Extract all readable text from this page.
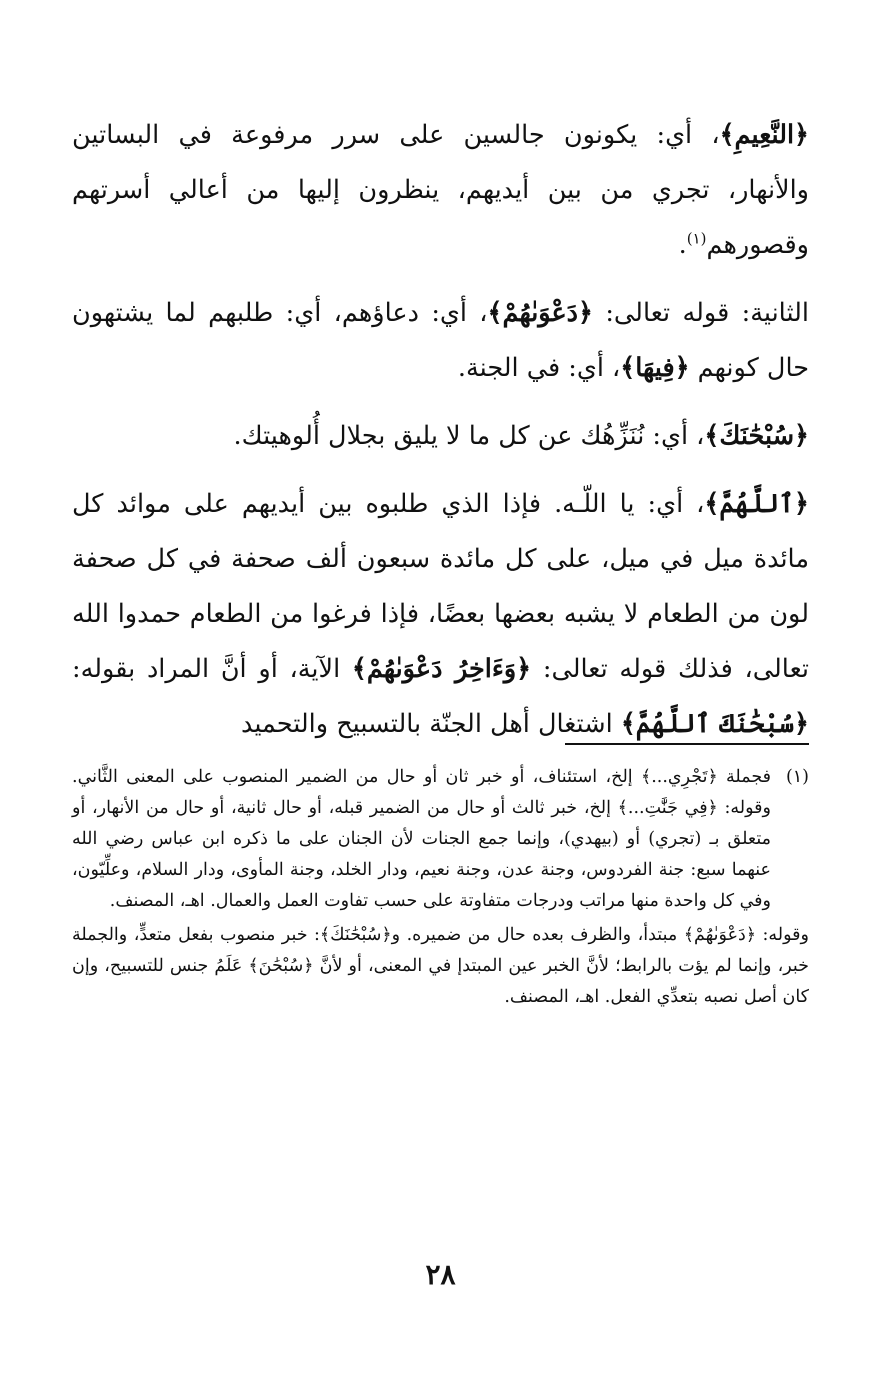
﴿النَّعِيمِ﴾، أي: يكونون جالسين على سرر مرفوعة في البساتين والأنهار، تجري من بين أيديهم، ينظرون إليها من أعالي أسرتهم وقصورهم$^{(١)}$.

الثانية: قوله تعالى: ﴿دَعْوَىٰهُمْ﴾، أي: دعاؤهم، أي: طلبهم لما يشتهون حال كونهم ﴿فِيهَا﴾، أي: في الجنة.

﴿سُبْحَٰنَكَ﴾، أي: نُنَزِّهُك عن كل ما لا يليق بجلال أُلوهيتك.

﴿ٱللَّهُمَّ﴾، أي: يا اللّـه. فإذا الذي طلبوه بين أيديهم على موائد كل مائدة ميل في ميل، على كل مائدة سبعون ألف صحفة في كل صحفة لون من الطعام لا يشبه بعضها بعضًا، فإذا فرغوا من الطعام حمدوا الله تعالى، فذلك قوله تعالى: ﴿وَءَاخِرُ دَعْوَىٰهُمْ﴾ الآية، أو أنَّ المراد بقوله: ﴿سُبْحَٰنَكَ ٱللَّهُمَّ﴾ اشتغال أهل الجنّة بالتسبيح والتحميد

(١)
فجملة ﴿تَجْرِي...﴾ إلخ، استئناف، أو خبر ثان أو حال من الضمير المنصوب على المعنى الثَّاني. وقوله: ﴿فِي جَنَّٰتِ...﴾ إلخ، خبر ثالث أو حال من الضمير قبله، أو حال ثانية، أو حال من الأنهار، أو متعلق بـ (تجري) أو (بيهدي)، وإنما جمع الجنات لأن الجنان على ما ذكره ابن عباس رضي الله عنهما سبع: جنة الفردوس، وجنة عدن، وجنة نعيم، ودار الخلد، وجنة المأوى، ودار السلام، وعلِّيّون، وفي كل واحدة منها مراتب ودرجات متفاوتة على حسب تفاوت العمل والعمال. اهـ، المصنف.
وقوله: ﴿دَعْوَىٰهُمْ﴾ مبتدأ، والظرف بعده حال من ضميره. و﴿سُبْحَٰنَكَ﴾: خبر منصوب بفعل متعدٍّ، والجملة خبر، وإنما لم يؤت بالرابط؛ لأنَّ الخبر عين المبتدإ في المعنى، أو لأنَّ ﴿سُبْحَٰنَ﴾ عَلَمُ جنس للتسبيح، وإن كان أصل نصبه بتعدِّي الفعل. اهـ، المصنف.
٢٨
